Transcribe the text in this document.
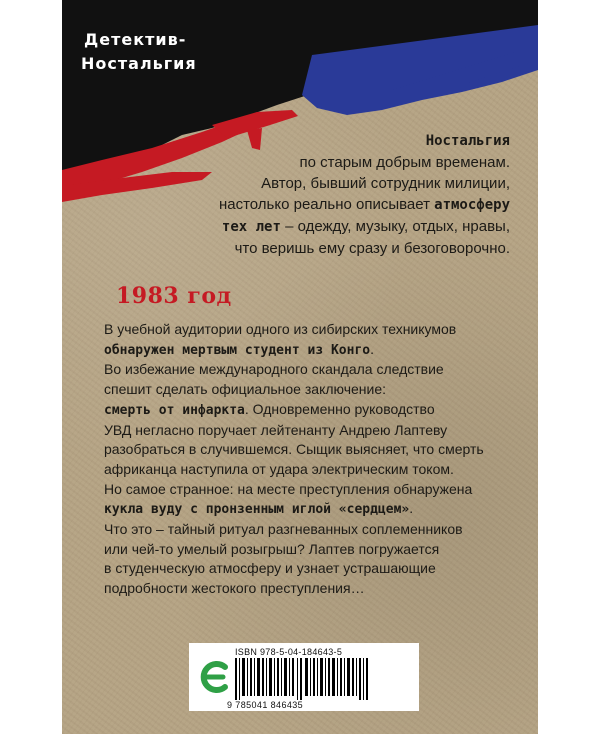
Детектив-
Ностальгия

Ностальгия
по старым добрым временам.
Автор, бывший сотрудник милиции,
настолько реально описывает атмосферу
тех лет – одежду, музыку, отдых, нравы,
что веришь ему сразу и безоговорочно.

1983 год

В учебной аудитории одного из сибирских техникумов
обнаружен мертвым студент из Конго.
Во избежание международного скандала следствие
спешит сделать официальное заключение:
смерть от инфаркта. Одновременно руководство
УВД негласно поручает лейтенанту Андрею Лаптеву
разобраться в случившемся. Сыщик выясняет, что смерть
африканца наступила от удара электрическим током.
Но самое странное: на месте преступления обнаружена
кукла вуду с пронзенным иглой «сердцем».
Что это – тайный ритуал разгневанных соплеменников
или чей-то умелый розыгрыш? Лаптев погружается
в студенческую атмосферу и узнает устрашающие
подробности жестокого преступления…

ISBN 978-5-04-184643-5
9 785041 846435
